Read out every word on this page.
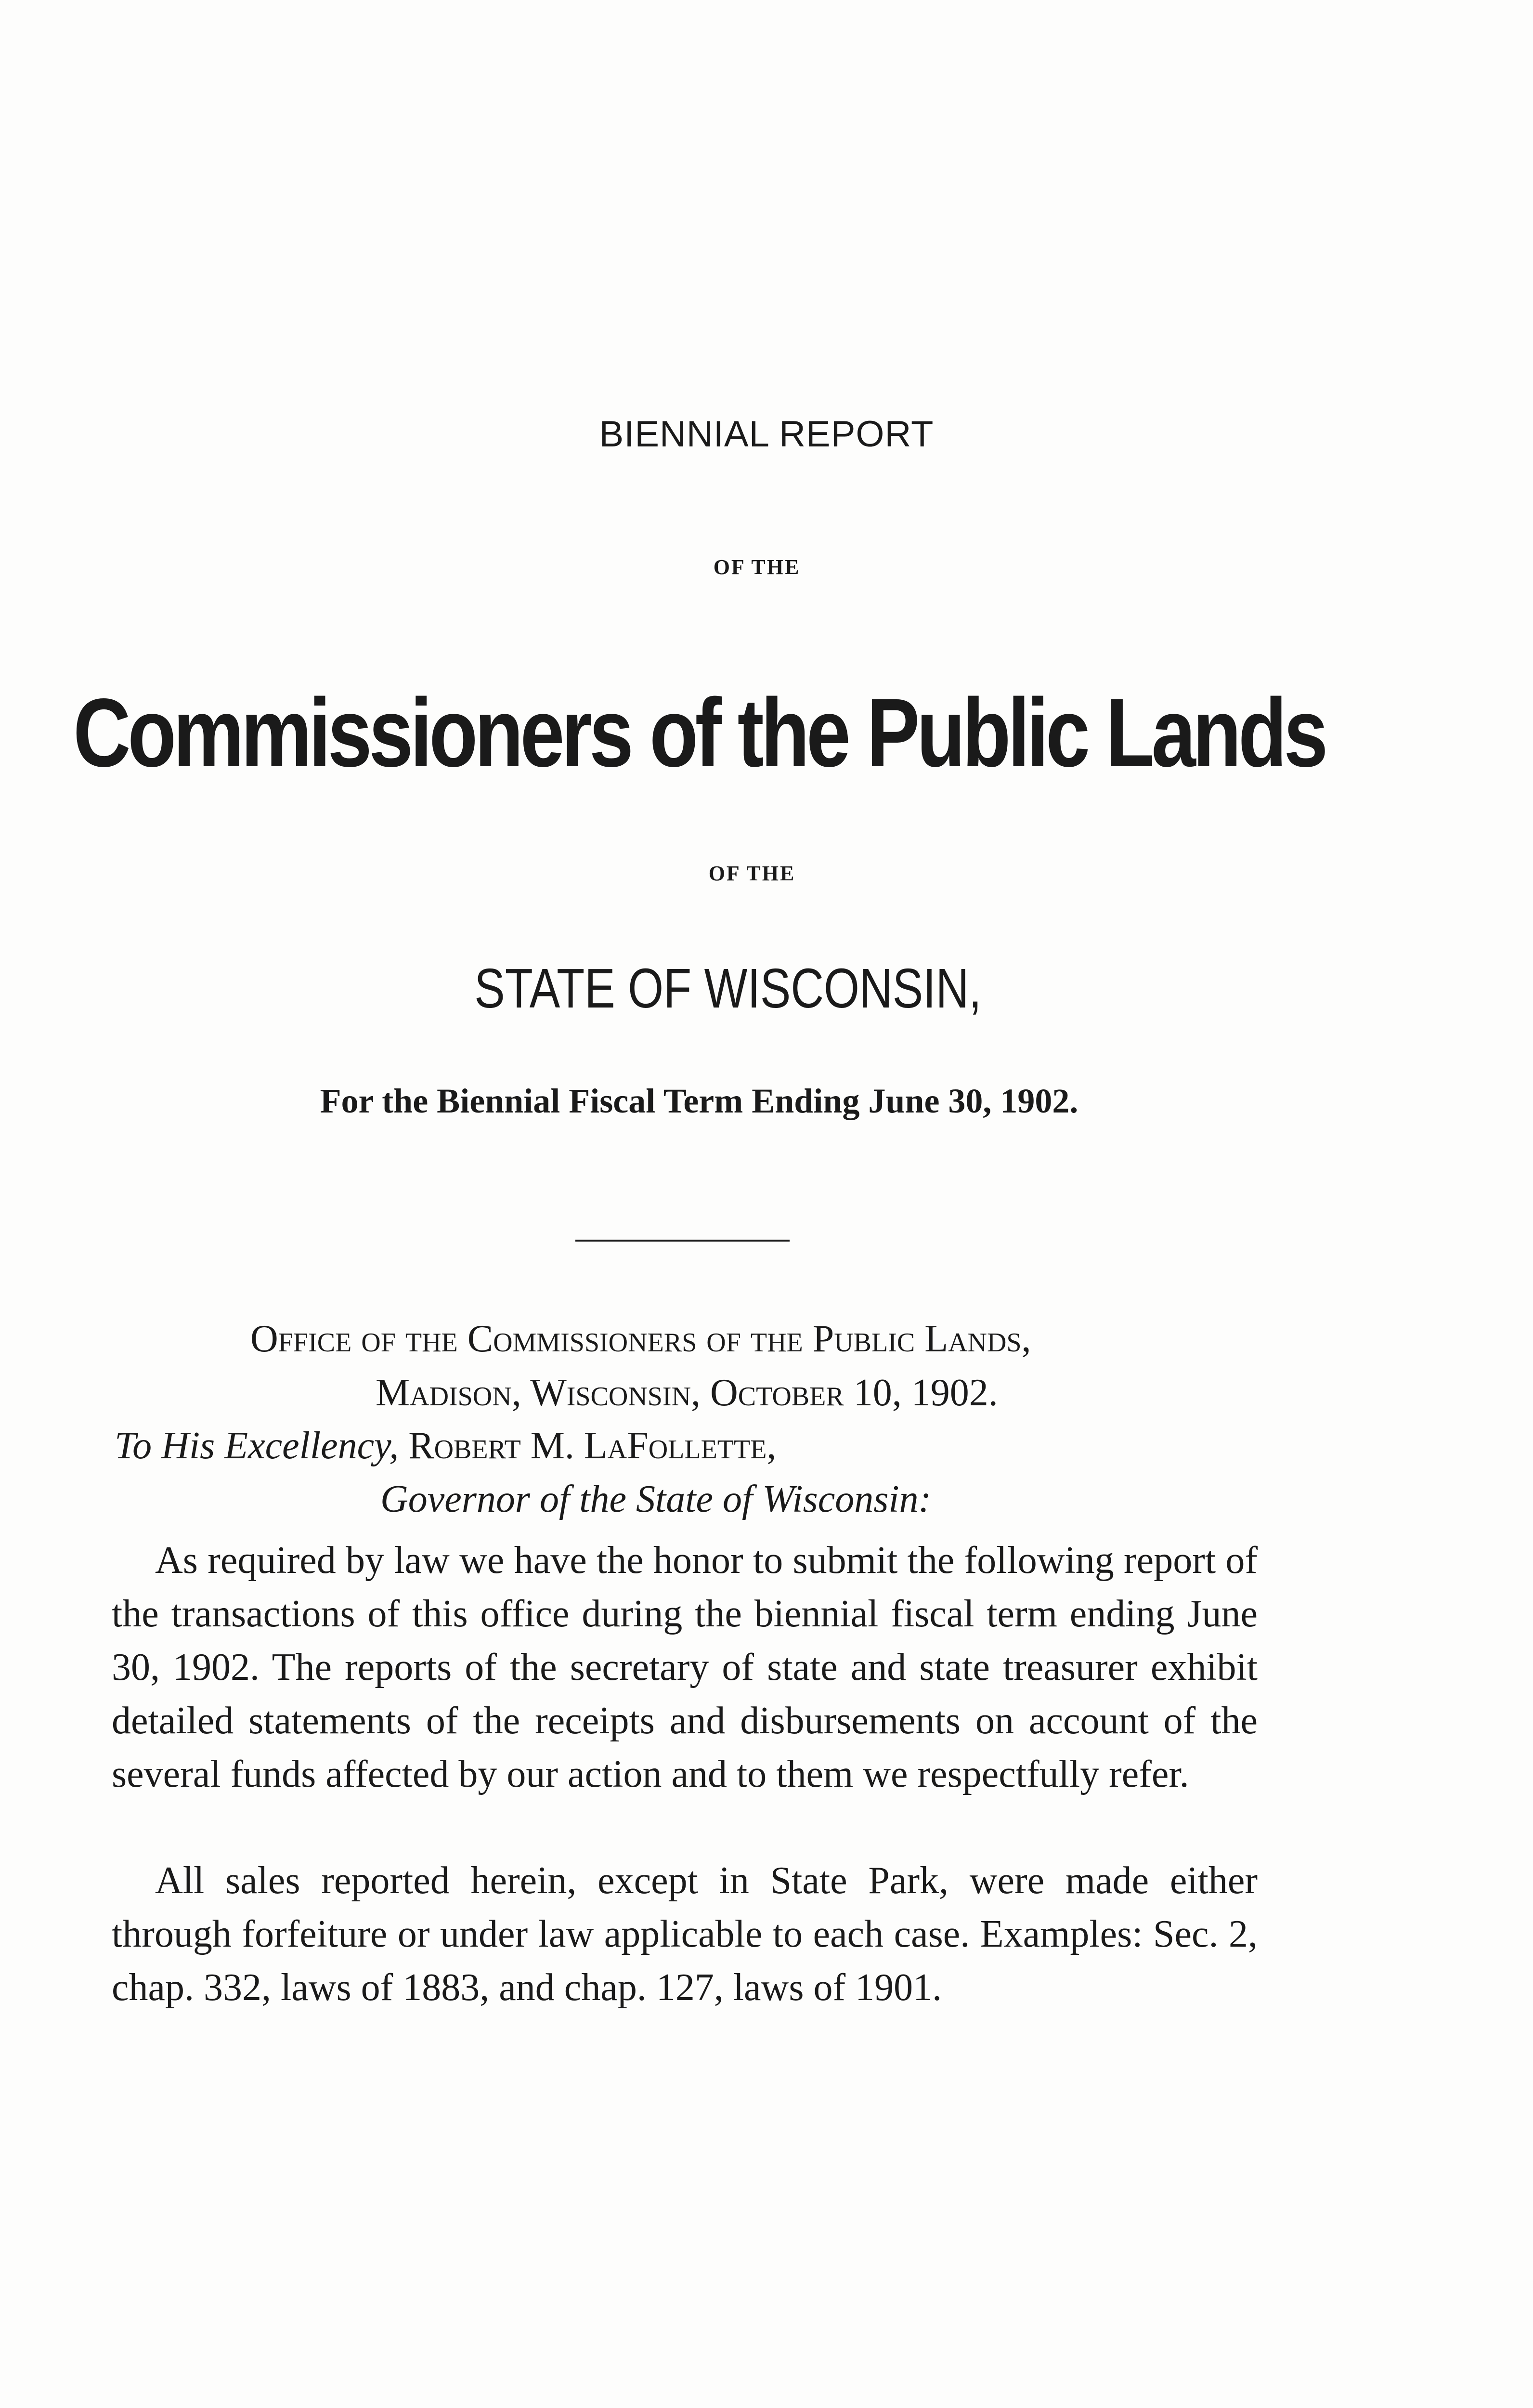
BIENNIAL REPORT
OF THE
Commissioners of the Public Lands
OF THE
STATE OF WISCONSIN,
For the Biennial Fiscal Term Ending June 30, 1902.
Office of the Commissioners of the Public Lands,
Madison, Wisconsin, October 10, 1902.
To His Excellency, Robert M. LaFollette,
Governor of the State of Wisconsin:
As required by law we have the honor to submit the following report of the transactions of this office during the biennial fiscal term ending June 30, 1902. The reports of the secretary of state and state treasurer exhibit detailed statements of the receipts and disbursements on account of the several funds affected by our action and to them we respectfully refer.
All sales reported herein, except in State Park, were made either through forfeiture or under law applicable to each case. Examples: Sec. 2, chap. 332, laws of 1883, and chap. 127, laws of 1901.
